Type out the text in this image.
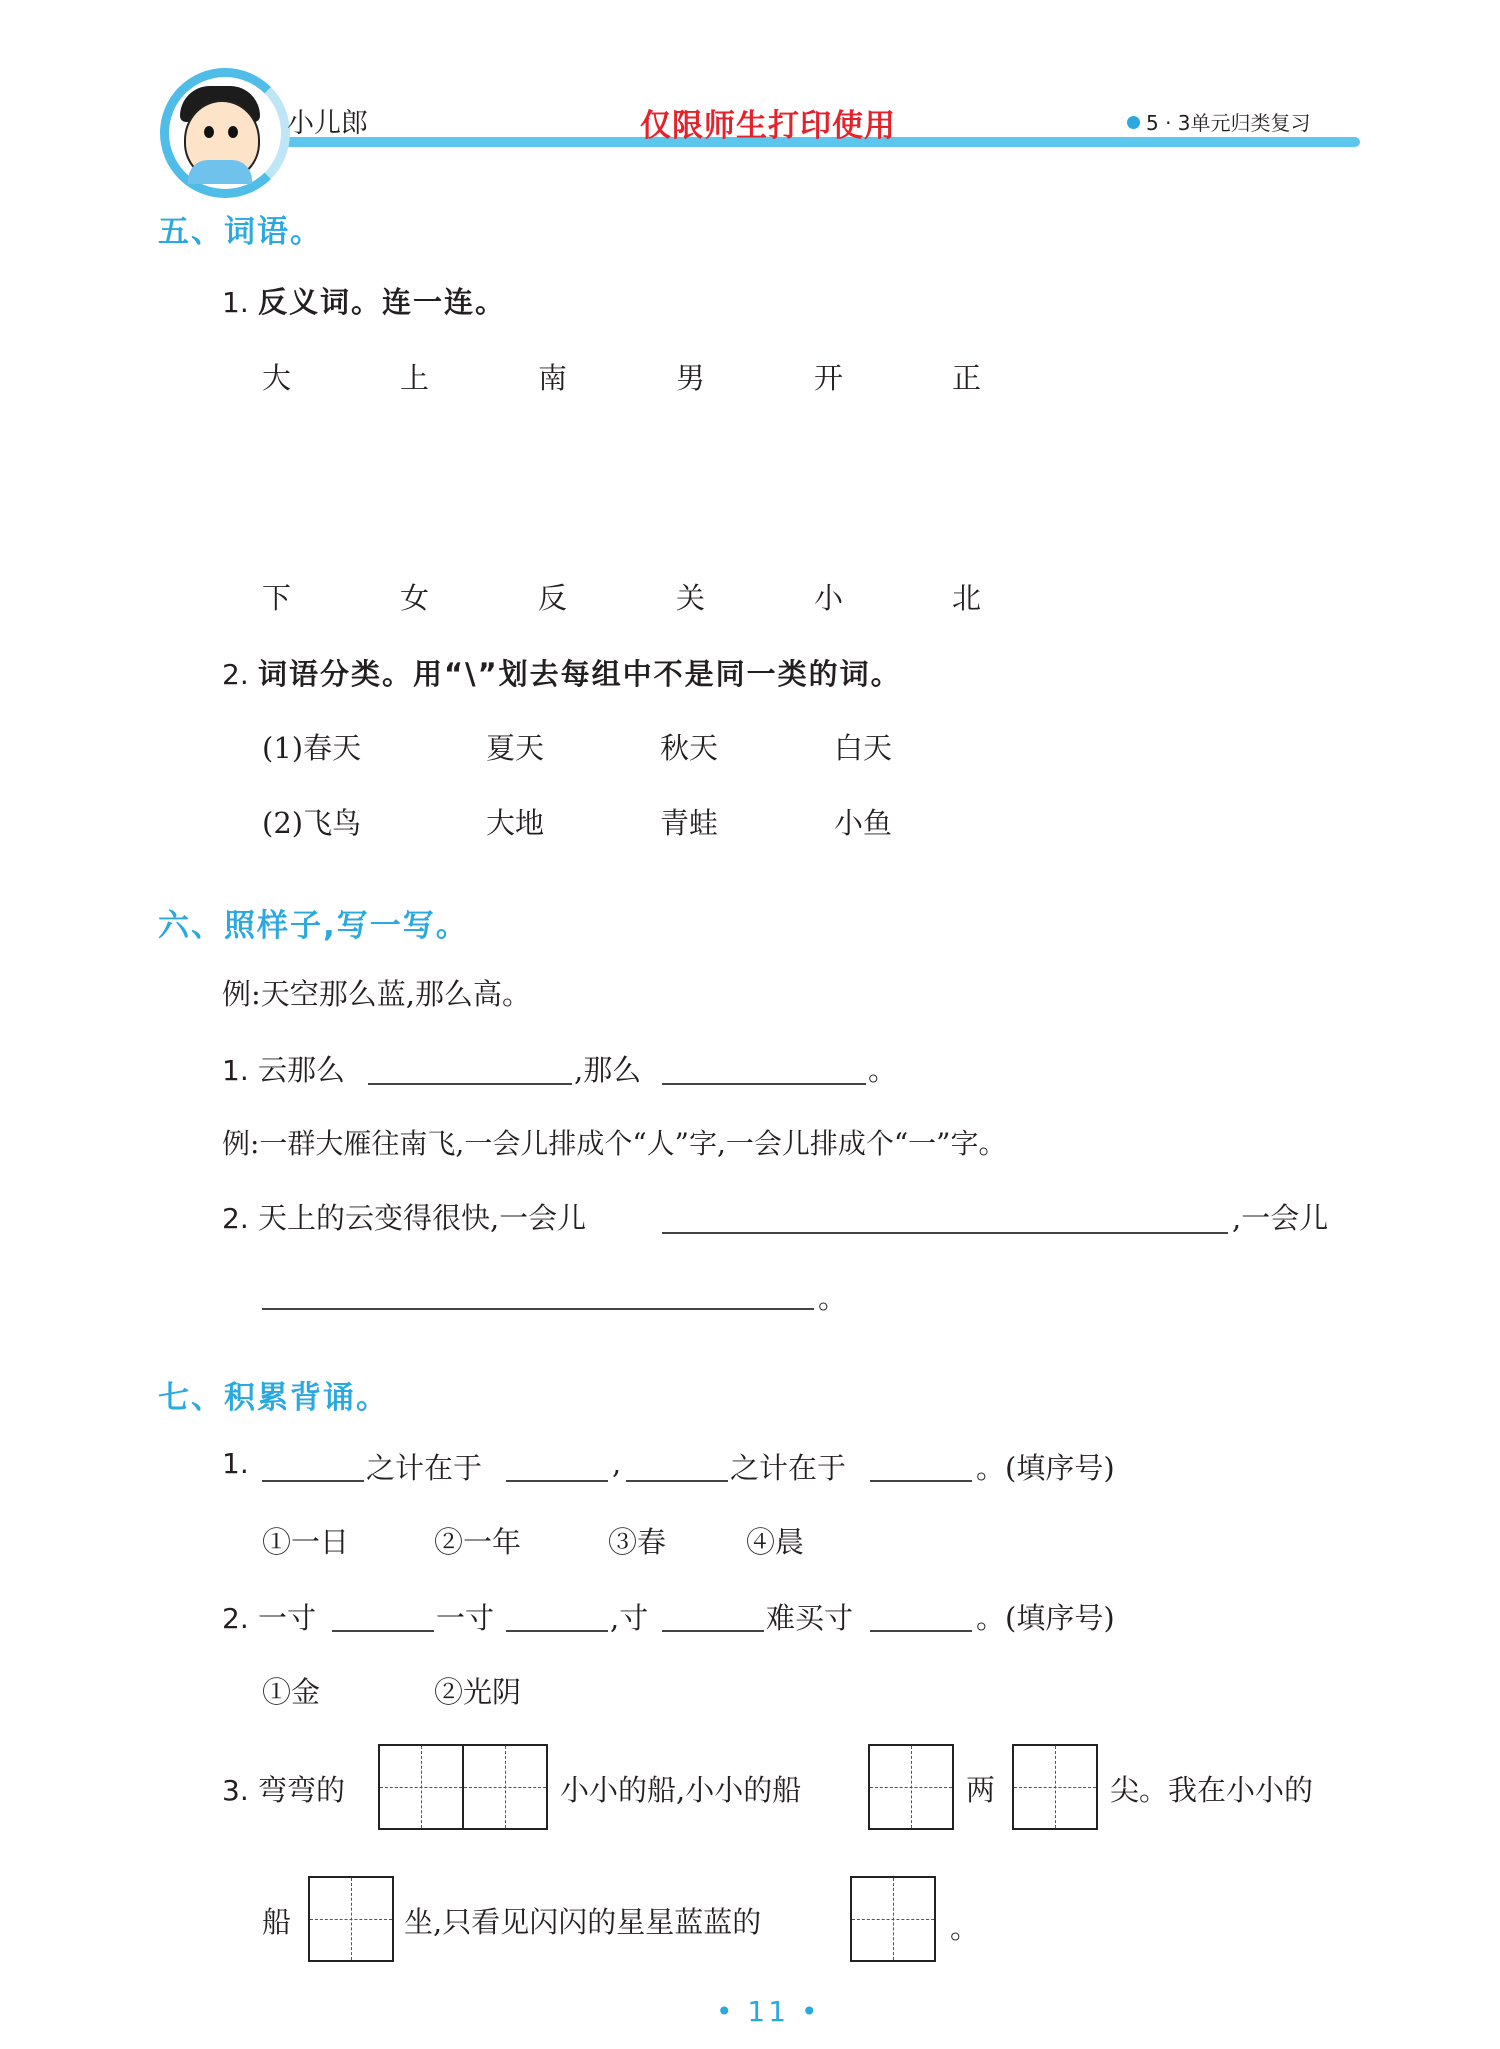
小儿郎	仅限师生打印使用	5 · 3单元归类复习
五、词语。
1. 反义词。连一连。
大	上	南	男	开	正
下	女	反	关	小	北
2. 词语分类。用“\”划去每组中不是同一类的词。
(1)春天	夏天	秋天	白天
(2)飞鸟	大地	青蛙	小鱼
六、照样子,写一写。
例:天空那么蓝,那么高。
1. 云那么	,那么	。
例:一群大雁往南飞,一会儿排成个“人”字,一会儿排成个“一”字。
2. 天上的云变得很快,一会儿	,一会儿
。
七、积累背诵。
1.	之计在于	,	之计在于	。(填序号)
①一日	②一年	③春	④晨
2. 一寸	一寸	,寸	难买寸	。(填序号)
①金	②光阴
3. 弯弯的	小小的船,小小的船	两	尖。我在小小的
船	坐,只看见闪闪的星星蓝蓝的	。
• 11 •
